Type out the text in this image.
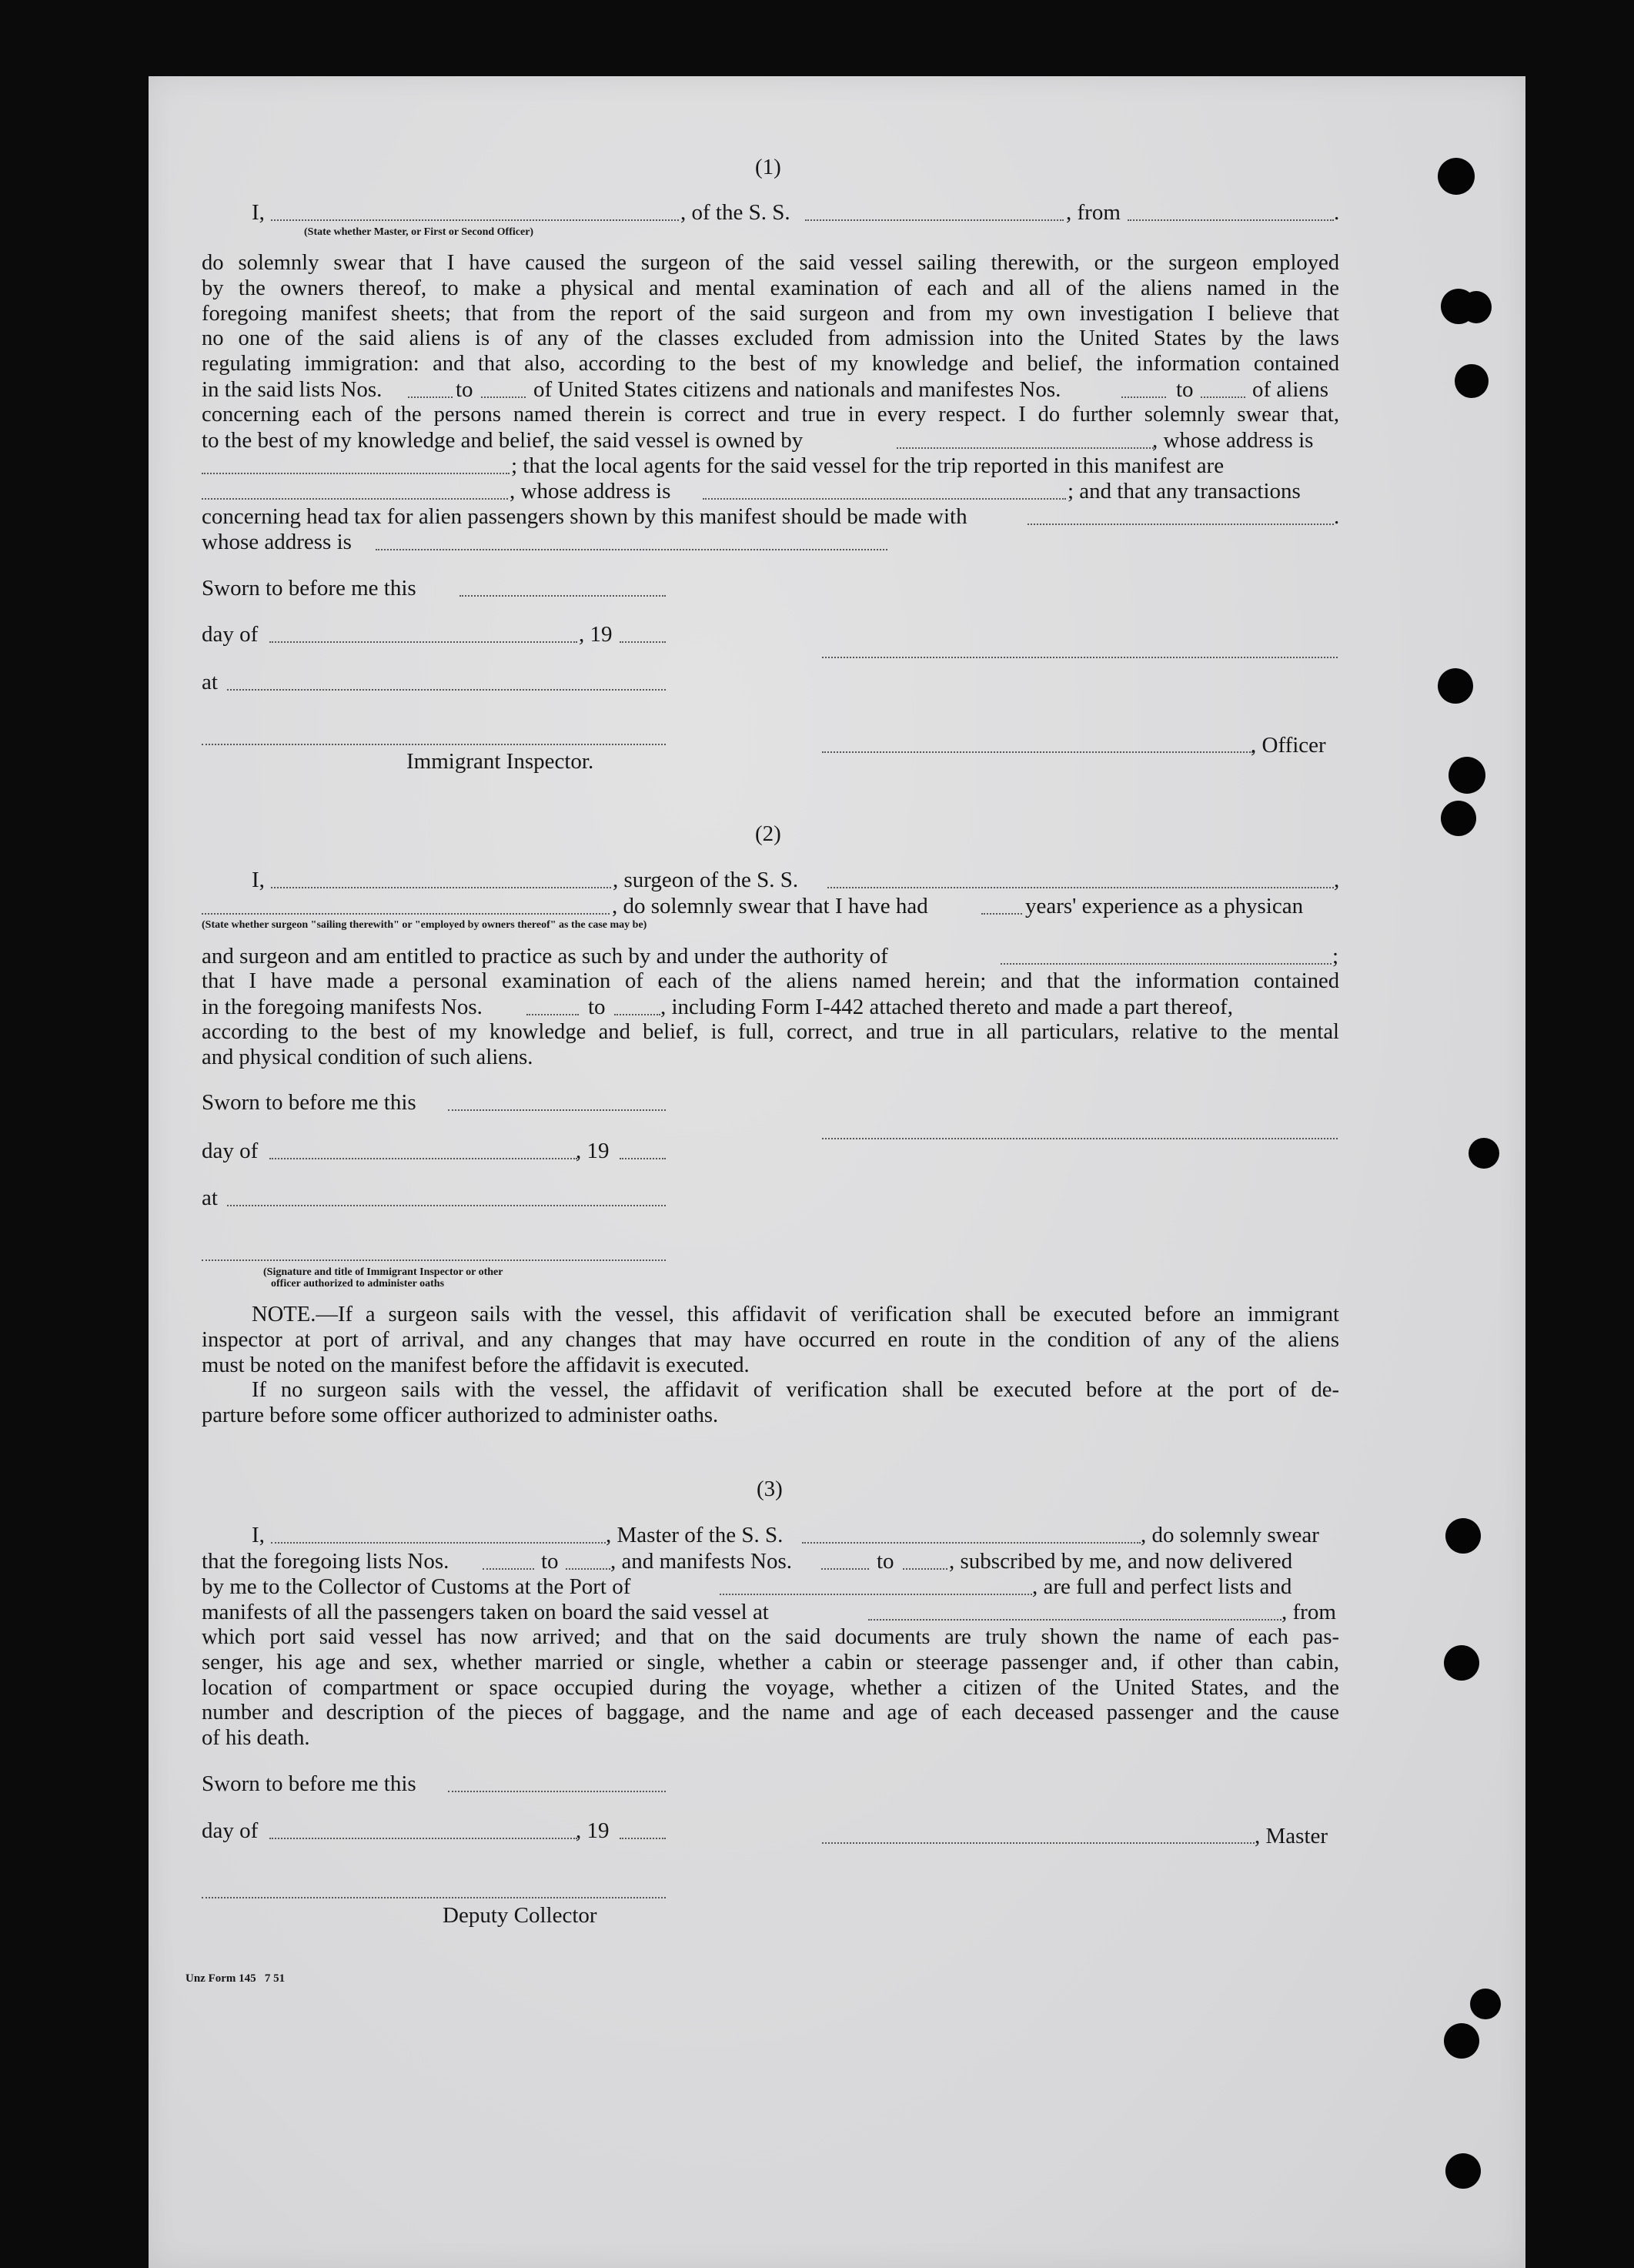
(1)
I,	, of the S. S.	, from	.
(State whether Master, or First or Second Officer)
do solemnly swear that I have caused the surgeon of the said vessel sailing therewith, or the surgeon employed
by the owners thereof, to make a physical and mental examination of each and all of the aliens named in the
foregoing manifest sheets; that from the report of the said surgeon and from my own investigation I believe that
no one of the said aliens is of any of the classes excluded from admission into the United States by the laws
regulating immigration: and that also, according to the best of my knowledge and belief, the information contained
in the said lists Nos.	to	of United States citizens and nationals and manifestes Nos.	to	of aliens
concerning each of the persons named therein is correct and true in every respect. I do further solemnly swear that,
to the best of my knowledge and belief, the said vessel is owned by	, whose address is
; that the local agents for the said vessel for the trip reported in this manifest are
, whose address is	; and that any transactions
concerning head tax for alien passengers shown by this manifest should be made with	.
whose address is
Sworn to before me this
day of	, 19
at
, Officer
Immigrant Inspector.
(2)
I,	, surgeon of the S. S.	,
, do solemnly swear that I have had	years' experience as a physican
(State whether surgeon "sailing therewith" or "employed by owners thereof" as the case may be)
and surgeon and am entitled to practice as such by and under the authority of	;
that I have made a personal examination of each of the aliens named herein; and that the information contained
in the foregoing manifests Nos.	to , including Form I-442 attached thereto and made a part thereof,
according to the best of my knowledge and belief, is full, correct, and true in all particulars, relative to the mental
and physical condition of such aliens.
Sworn to before me this
day of	, 19
at
(Signature and title of Immigrant Inspector or other
officer authorized to administer oaths
NOTE.—If a surgeon sails with the vessel, this affidavit of verification shall be executed before an immigrant
inspector at port of arrival, and any changes that may have occurred en route in the condition of any of the aliens
must be noted on the manifest before the affidavit is executed.
If no surgeon sails with the vessel, the affidavit of verification shall be executed before at the port of de-
parture before some officer authorized to administer oaths.
(3)
I,	, Master of the S. S.	, do solemnly swear
that the foregoing lists Nos.	to , and manifests Nos.	to , subscribed by me, and now delivered
by me to the Collector of Customs at the Port of	, are full and perfect lists and
manifests of all the passengers taken on board the said vessel at	, from
which port said vessel has now arrived; and that on the said documents are truly shown the name of each pas-
senger, his age and sex, whether married or single, whether a cabin or steerage passenger and, if other than cabin,
location of compartment or space occupied during the voyage, whether a citizen of the United States, and the
number and description of the pieces of baggage, and the name and age of each deceased passenger and the cause
of his death.
Sworn to before me this
day of	, 19	, Master
Deputy Collector
Unz Form 145   7 51
